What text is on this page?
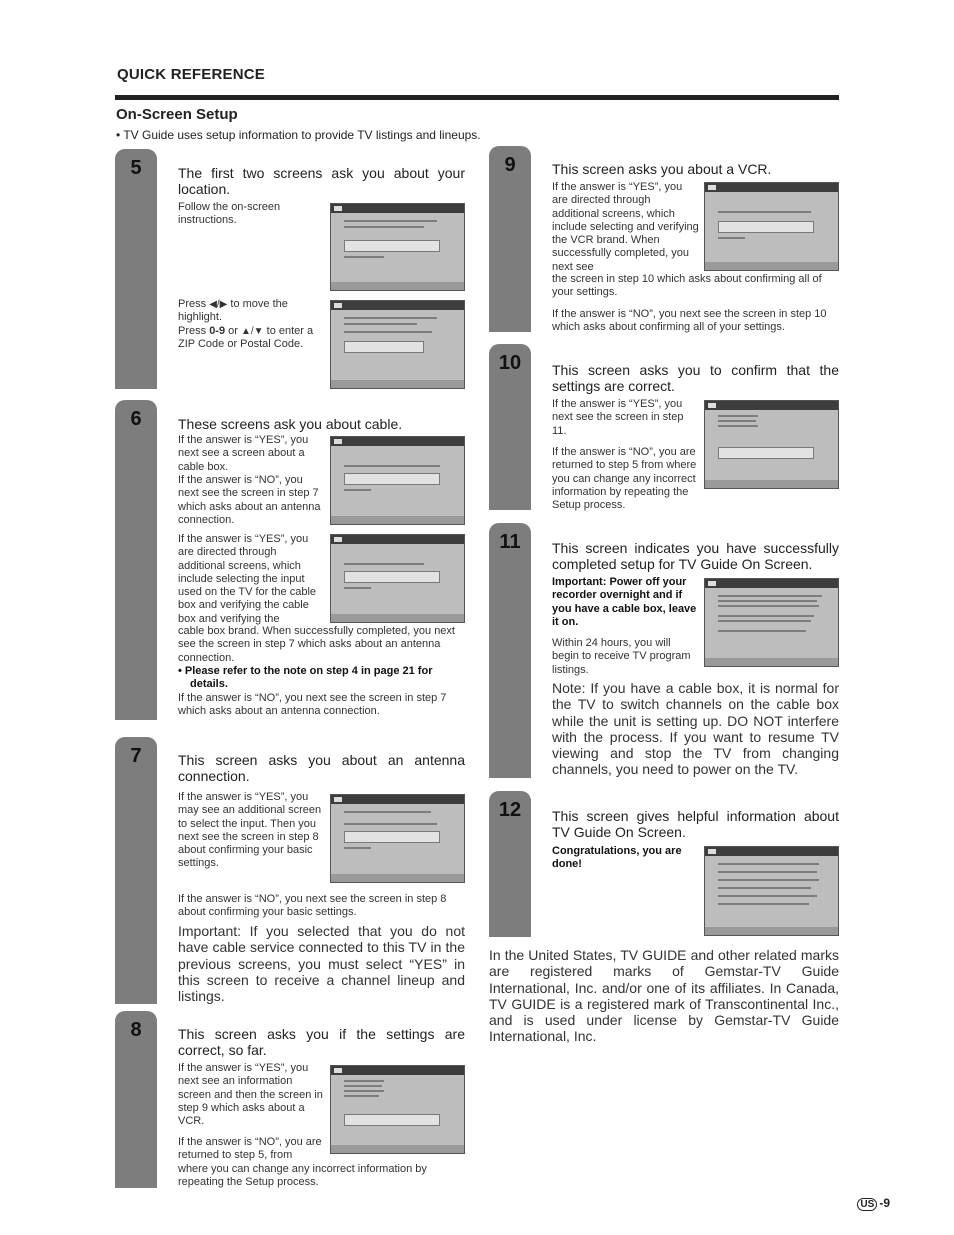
QUICK REFERENCE
On-Screen Setup
• TV Guide uses setup information to provide TV listings and lineups.
5	The first two screens ask you about your location.
Follow the on-screen instructions.
Press ◀/▶ to move the highlight.
Press 0-9 or ▲/▼ to enter a ZIP Code or Postal Code.
6	These screens ask you about cable.
If the answer is “YES”, you next see a screen about a cable box.
If the answer is “NO”, you next see the screen in step 7 which asks about an antenna connection.
If the answer is “YES”, you are directed through additional screens, which include selecting the input used on the TV for the cable box and verifying the cable box and verifying the
cable box brand. When successfully completed, you next see the screen in step 7 which asks about an antenna connection.
• Please refer to the note on step 4 in page 21 for details.
If the answer is “NO”, you next see the screen in step 7 which asks about an antenna connection.
7	This screen asks you about an antenna connection.
If the answer is “YES”, you may see an additional screen to select the input. Then you next see the screen in step 8 about confirming your basic settings.
If the answer is “NO”, you next see the screen in step 8 about confirming your basic settings.
Important: If you selected that you do not have cable service connected to this TV in the previous screens, you must select “YES” in this screen to receive a channel lineup and listings.
8	This screen asks you if the settings are correct, so far.
If the answer is “YES”, you next see an information screen and then the screen in step 9 which asks about a VCR.
If the answer is “NO”, you are returned to step 5, from
where you can change any incorrect information by repeating the Setup process.
9	This screen asks you about a VCR.
If the answer is “YES”, you are directed through additional screens, which include selecting and verifying the VCR brand. When successfully completed, you next see
the screen in step 10 which asks about confirming all of your settings.
If the answer is “NO”, you next see the screen in step 10 which asks about confirming all of your settings.
10	This screen asks you to confirm that the settings are correct.
If the answer is “YES”, you next see the screen in step 11.
If the answer is “NO”, you are returned to step 5 from where you can change any incorrect information by repeating the Setup process.
11	This screen indicates you have successfully completed setup for TV Guide On Screen.
Important: Power off your recorder overnight and if you have a cable box, leave it on.
Within 24 hours, you will begin to receive TV program listings.
Note: If you have a cable box, it is normal for the TV to switch channels on the cable box while the unit is setting up. DO NOT interfere with the process. If you want to resume TV viewing and stop the TV from changing channels, you need to power on the TV.
12	This screen gives helpful information about TV Guide On Screen.
Congratulations, you are done!
In the United States, TV GUIDE and other related marks are registered marks of Gemstar-TV Guide International, Inc. and/or one of its affiliates. In Canada, TV GUIDE is a registered mark of Transcontinental Inc., and is used under license by Gemstar-TV Guide International, Inc.
US -9
